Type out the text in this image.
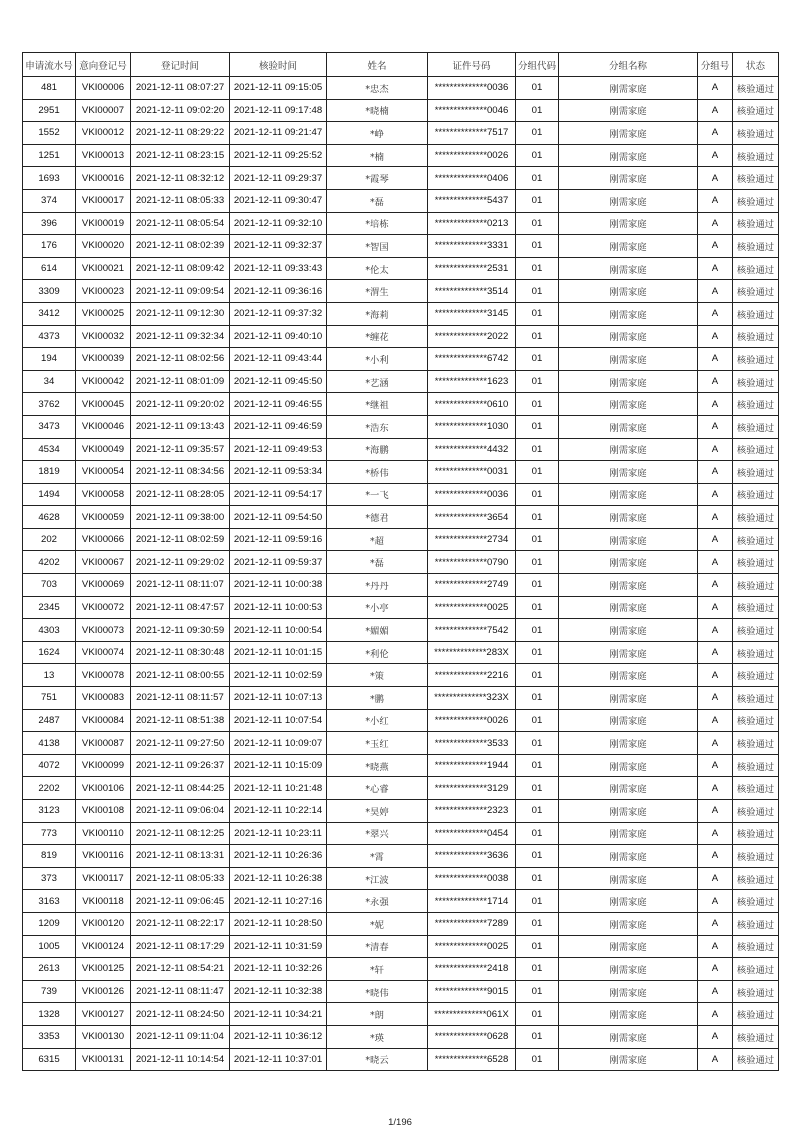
申请流水号	意向登记号	登记时间	核验时间	姓名	证件号码	分组代码	分组名称	分组号	状态
481	VKI00006	2021-12-11 08:07:27	2021-12-11 09:15:05	*忠杰	**************0036	01	刚需家庭	A	核验通过
2951	VKI00007	2021-12-11 09:02:20	2021-12-11 09:17:48	*晓楠	**************0046	01	刚需家庭	A	核验通过
1552	VKI00012	2021-12-11 08:29:22	2021-12-11 09:21:47	*峥	**************7517	01	刚需家庭	A	核验通过
1251	VKI00013	2021-12-11 08:23:15	2021-12-11 09:25:52	*楠	**************0026	01	刚需家庭	A	核验通过
1693	VKI00016	2021-12-11 08:32:12	2021-12-11 09:29:37	*霞琴	**************0406	01	刚需家庭	A	核验通过
374	VKI00017	2021-12-11 08:05:33	2021-12-11 09:30:47	*磊	**************5437	01	刚需家庭	A	核验通过
396	VKI00019	2021-12-11 08:05:54	2021-12-11 09:32:10	*培栋	**************0213	01	刚需家庭	A	核验通过
176	VKI00020	2021-12-11 08:02:39	2021-12-11 09:32:37	*智国	**************3331	01	刚需家庭	A	核验通过
614	VKI00021	2021-12-11 08:09:42	2021-12-11 09:33:43	*伦太	**************2531	01	刚需家庭	A	核验通过
3309	VKI00023	2021-12-11 09:09:54	2021-12-11 09:36:16	*渭生	**************3514	01	刚需家庭	A	核验通过
3412	VKI00025	2021-12-11 09:12:30	2021-12-11 09:37:32	*海莉	**************3145	01	刚需家庭	A	核验通过
4373	VKI00032	2021-12-11 09:32:34	2021-12-11 09:40:10	*缠花	**************2022	01	刚需家庭	A	核验通过
194	VKI00039	2021-12-11 08:02:56	2021-12-11 09:43:44	*小利	**************6742	01	刚需家庭	A	核验通过
34	VKI00042	2021-12-11 08:01:09	2021-12-11 09:45:50	*艺涵	**************1623	01	刚需家庭	A	核验通过
3762	VKI00045	2021-12-11 09:20:02	2021-12-11 09:46:55	*继祖	**************0610	01	刚需家庭	A	核验通过
3473	VKI00046	2021-12-11 09:13:43	2021-12-11 09:46:59	*浩东	**************1030	01	刚需家庭	A	核验通过
4534	VKI00049	2021-12-11 09:35:57	2021-12-11 09:49:53	*海鹏	**************4432	01	刚需家庭	A	核验通过
1819	VKI00054	2021-12-11 08:34:56	2021-12-11 09:53:34	*桥伟	**************0031	01	刚需家庭	A	核验通过
1494	VKI00058	2021-12-11 08:28:05	2021-12-11 09:54:17	*一飞	**************0036	01	刚需家庭	A	核验通过
4628	VKI00059	2021-12-11 09:38:00	2021-12-11 09:54:50	*德君	**************3654	01	刚需家庭	A	核验通过
202	VKI00066	2021-12-11 08:02:59	2021-12-11 09:59:16	*超	**************2734	01	刚需家庭	A	核验通过
4202	VKI00067	2021-12-11 09:29:02	2021-12-11 09:59:37	*磊	**************0790	01	刚需家庭	A	核验通过
703	VKI00069	2021-12-11 08:11:07	2021-12-11 10:00:38	*丹丹	**************2749	01	刚需家庭	A	核验通过
2345	VKI00072	2021-12-11 08:47:57	2021-12-11 10:00:53	*小亭	**************0025	01	刚需家庭	A	核验通过
4303	VKI00073	2021-12-11 09:30:59	2021-12-11 10:00:54	*媚媚	**************7542	01	刚需家庭	A	核验通过
1624	VKI00074	2021-12-11 08:30:48	2021-12-11 10:01:15	*利伦	**************283X	01	刚需家庭	A	核验通过
13	VKI00078	2021-12-11 08:00:55	2021-12-11 10:02:59	*策	**************2216	01	刚需家庭	A	核验通过
751	VKI00083	2021-12-11 08:11:57	2021-12-11 10:07:13	*鹏	**************323X	01	刚需家庭	A	核验通过
2487	VKI00084	2021-12-11 08:51:38	2021-12-11 10:07:54	*小红	**************0026	01	刚需家庭	A	核验通过
4138	VKI00087	2021-12-11 09:27:50	2021-12-11 10:09:07	*玉红	**************3533	01	刚需家庭	A	核验通过
4072	VKI00099	2021-12-11 09:26:37	2021-12-11 10:15:09	*晓燕	**************1944	01	刚需家庭	A	核验通过
2202	VKI00106	2021-12-11 08:44:25	2021-12-11 10:21:48	*心睿	**************3129	01	刚需家庭	A	核验通过
3123	VKI00108	2021-12-11 09:06:04	2021-12-11 10:22:14	*昊婷	**************2323	01	刚需家庭	A	核验通过
773	VKI00110	2021-12-11 08:12:25	2021-12-11 10:23:11	*翠兴	**************0454	01	刚需家庭	A	核验通过
819	VKI00116	2021-12-11 08:13:31	2021-12-11 10:26:36	*霄	**************3636	01	刚需家庭	A	核验通过
373	VKI00117	2021-12-11 08:05:33	2021-12-11 10:26:38	*江波	**************0038	01	刚需家庭	A	核验通过
3163	VKI00118	2021-12-11 09:06:45	2021-12-11 10:27:16	*永强	**************1714	01	刚需家庭	A	核验通过
1209	VKI00120	2021-12-11 08:22:17	2021-12-11 10:28:50	*妮	**************7289	01	刚需家庭	A	核验通过
1005	VKI00124	2021-12-11 08:17:29	2021-12-11 10:31:59	*清春	**************0025	01	刚需家庭	A	核验通过
2613	VKI00125	2021-12-11 08:54:21	2021-12-11 10:32:26	*轩	**************2418	01	刚需家庭	A	核验通过
739	VKI00126	2021-12-11 08:11:47	2021-12-11 10:32:38	*晓伟	**************9015	01	刚需家庭	A	核验通过
1328	VKI00127	2021-12-11 08:24:50	2021-12-11 10:34:21	*朗	**************061X	01	刚需家庭	A	核验通过
3353	VKI00130	2021-12-11 09:11:04	2021-12-11 10:36:12	*瑛	**************0628	01	刚需家庭	A	核验通过
6315	VKI00131	2021-12-11 10:14:54	2021-12-11 10:37:01	*晓云	**************6528	01	刚需家庭	A	核验通过
1/196
